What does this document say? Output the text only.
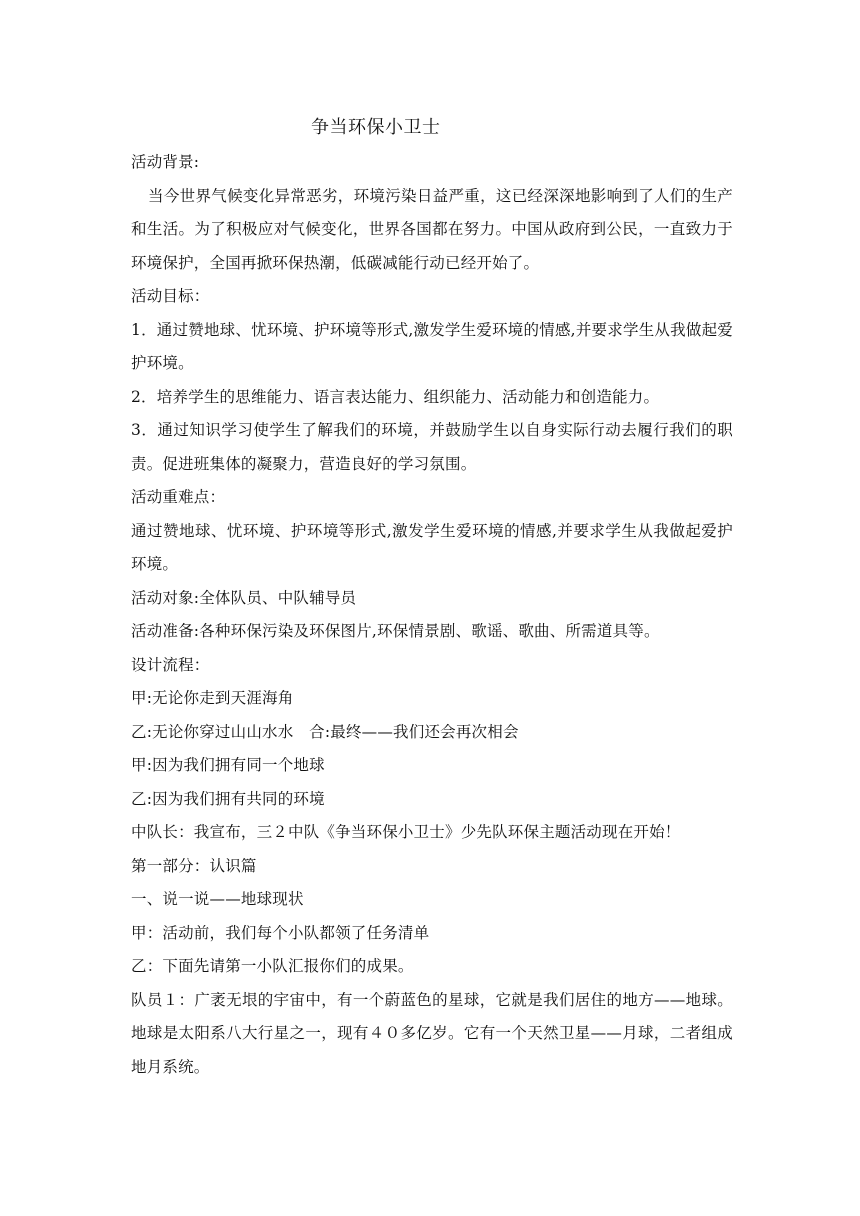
争当环保小卫士
活动背景:
当今世界气候变化异常恶劣，环境污染日益严重，这已经深深地影响到了人们的生产和生活。为了积极应对气候变化，世界各国都在努力。中国从政府到公民，一直致力于环境保护，全国再掀环保热潮，低碳减能行动已经开始了。
活动目标：
1．通过赞地球、忧环境、护环境等形式,激发学生爱环境的情感,并要求学生从我做起爱护环境。
2．培养学生的思维能力、语言表达能力、组织能力、活动能力和创造能力。
3．通过知识学习使学生了解我们的环境，并鼓励学生以自身实际行动去履行我们的职责。促进班集体的凝聚力，营造良好的学习氛围。
活动重难点：
通过赞地球、忧环境、护环境等形式,激发学生爱环境的情感,并要求学生从我做起爱护环境。
活动对象:全体队员、中队辅导员
活动准备:各种环保污染及环保图片,环保情景剧、歌谣、歌曲、所需道具等。
设计流程：
甲:无论你走到天涯海角
乙:无论你穿过山山水水　合:最终——我们还会再次相会
甲:因为我们拥有同一个地球
乙:因为我们拥有共同的环境
中队长：我宣布，三２中队《争当环保小卫士》少先队环保主题活动现在开始！
第一部分：认识篇
一、说一说——地球现状
甲：活动前，我们每个小队都领了任务清单
乙：下面先请第一小队汇报你们的成果。
队员１：广袤无垠的宇宙中，有一个蔚蓝色的星球，它就是我们居住的地方——地球。地球是太阳系八大行星之一，现有４０多亿岁。它有一个天然卫星——月球，二者组成地月系统。
